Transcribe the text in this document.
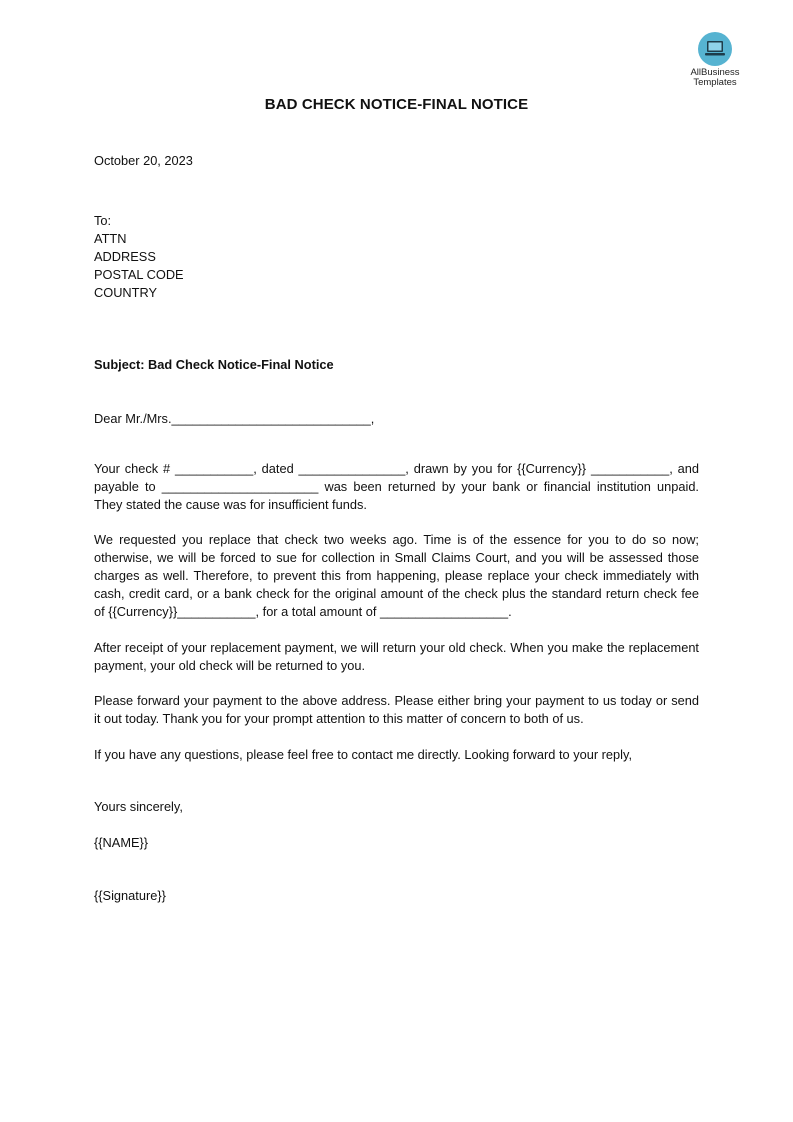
AllBusiness
Templates
BAD CHECK NOTICE-FINAL NOTICE
October 20, 2023
To:
ATTN
ADDRESS
POSTAL CODE
COUNTRY
Subject: Bad Check Notice-Final Notice
Dear Mr./Mrs.____________________________,
Your check # ___________, dated _______________, drawn by you for {{Currency}} ___________, and payable to ______________________ was been returned by your bank or financial institution unpaid. They stated the cause was for insufficient funds.
We requested you replace that check two weeks ago. Time is of the essence for you to do so now; otherwise, we will be forced to sue for collection in Small Claims Court, and you will be assessed those charges as well. Therefore, to prevent this from happening, please replace your check immediately with cash, credit card, or a bank check for the original amount of the check plus the standard return check fee of {{Currency}}___________, for a total amount of __________________.
After receipt of your replacement payment, we will return your old check. When you make the replacement payment, your old check will be returned to you.
Please forward your payment to the above address. Please either bring your payment to us today or send it out today. Thank you for your prompt attention to this matter of concern to both of us.
If you have any questions, please feel free to contact me directly. Looking forward to your reply,
Yours sincerely,
{{NAME}}
{{Signature}}
